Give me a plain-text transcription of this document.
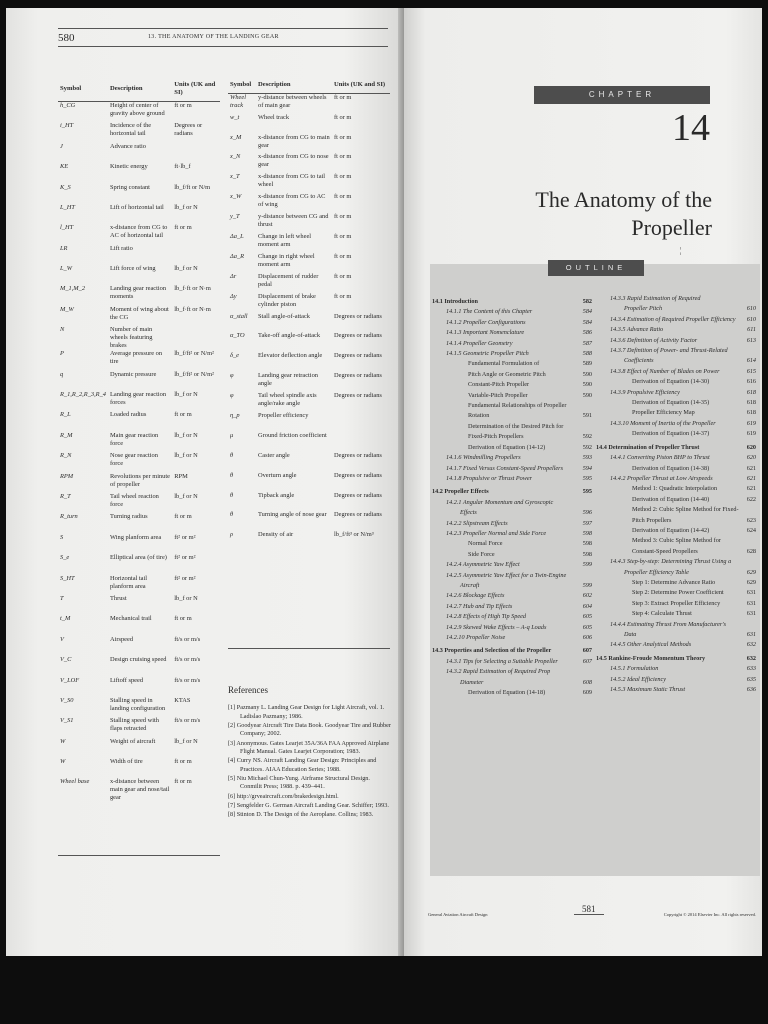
580	13. THE ANATOMY OF THE LANDING GEAR
Symbol	Description	Units (UK and SI)
h_CG	Height of center of gravity above ground	ft or m
i_HT	Incidence of the horizontal tail	Degrees or radians
J	Advance ratio	
KE	Kinetic energy	ft·lb_f
K_S	Spring constant	lb_f/ft or N/m
L_HT	Lift of horizontal tail	lb_f or N
l_HT	x-distance from CG to AC of horizontal tail	ft or m
LR	Lift ratio	
L_W	Lift force of wing	lb_f or N
M_1,M_2	Landing gear reaction moments	lb_f·ft or N·m
M_W	Moment of wing about the CG	lb_f·ft or N·m
N	Number of main wheels featuring brakes	
P	Average pressure on tire	lb_f/ft² or N/m²
q	Dynamic pressure	lb_f/ft² or N/m²
R_1,R_2,R_3,R_4	Landing gear reaction forces	lb_f or N
R_L	Loaded radius	ft or m
R_M	Main gear reaction force	lb_f or N
R_N	Nose gear reaction force	lb_f or N
RPM	Revolutions per minute of propeller	RPM
R_T	Tail wheel reaction force	lb_f or N
R_turn	Turning radius	ft or m
S	Wing planform area	ft² or m²
S_e	Elliptical area (of tire)	ft² or m²
S_HT	Horizontal tail planform area	ft² or m²
T	Thrust	lb_f or N
t_M	Mechanical trail	ft or m
V	Airspeed	ft/s or m/s
V_C	Design cruising speed	ft/s or m/s
V_LOF	Liftoff speed	ft/s or m/s
V_S0	Stalling speed in landing configuration	KTAS
V_S1	Stalling speed with flaps retracted	ft/s or m/s
W	Weight of aircraft	lb_f or N
W	Width of tire	ft or m
Wheel base	x-distance between main gear and nose/tail gear	ft or m
Symbol	Description	Units (UK and SI)
Wheel track	y-distance between wheels of main gear	ft or m
w_t	Wheel track	ft or m
x_M	x-distance from CG to main gear	ft or m
x_N	x-distance from CG to nose gear	ft or m
x_T	x-distance from CG to tail wheel	ft or m
x_W	x-distance from CG to AC of wing	ft or m
y_T	y-distance between CG and thrust	ft or m
Δa_L	Change in left wheel moment arm	ft or m
Δa_R	Change in right wheel moment arm	ft or m
Δr	Displacement of rudder pedal	ft or m
Δy	Displacement of brake cylinder piston	ft or m
α_stall	Stall angle-of-attack	Degrees or radians
α_TO	Take-off angle-of-attack	Degrees or radians
δ_e	Elevator deflection angle	Degrees or radians
φ	Landing gear retraction angle	Degrees or radians
φ	Tail wheel spindle axis angle/rake angle	Degrees or radians
η_p	Propeller efficiency	
μ	Ground friction coefficient	
θ	Caster angle	Degrees or radians
θ	Overturn angle	Degrees or radians
θ	Tipback angle	Degrees or radians
θ	Turning angle of nose gear	Degrees or radians
ρ	Density of air	lb_f/ft³ or N/m³
References
[1] Pazmany L. Landing Gear Design for Light Aircraft, vol. 1. Ladislao Pazmany; 1986.
[2] Goodyear Aircraft Tire Data Book. Goodyear Tire and Rubber Company; 2002.
[3] Anonymous. Gates Learjet 35A/36A FAA Approved Airplane Flight Manual. Gates Learjet Corporation; 1983.
[4] Curry NS. Aircraft Landing Gear Design: Principles and Practices. AIAA Education Series; 1988.
[5] Niu Michael Chun-Yung. Airframe Structural Design. Conmilit Press; 1988. p. 439–441.
[6] http://grveaircraft.com/brakedesign.html.
[7] Sengfelder G. German Aircraft Landing Gear. Schiffer; 1993.
[8] Stinton D. The Design of the Aeroplane. Collins; 1983.
CHAPTER
14
The Anatomy of the Propeller
¦
OUTLINE
14.1 Introduction	582
14.1.1 The Content of this Chapter	584
14.1.2 Propeller Configurations	584
14.1.3 Important Nomenclature	586
14.1.4 Propeller Geometry	587
14.1.5 Geometric Propeller Pitch	588
Fundamental Formulation of	589
Pitch Angle or Geometric Pitch	590
Constant-Pitch Propeller	590
Variable-Pitch Propeller	590
Fundamental Relationships of Propeller
Rotation	591
Determination of the Desired Pitch for
Fixed-Pitch Propellers	592
Derivation of Equation (14-12)	592
14.1.6 Windmilling Propellers	593
14.1.7 Fixed Versus Constant-Speed Propellers	594
14.1.8 Propulsive or Thrust Power	595
14.2 Propeller Effects	595
14.2.1 Angular Momentum and Gyroscopic
Effects	596
14.2.2 Slipstream Effects	597
14.2.3 Propeller Normal and Side Force	598
Normal Force	598
Side Force	598
14.2.4 Asymmetric Yaw Effect	599
14.2.5 Asymmetric Yaw Effect for a Twin-Engine
Aircraft	599
14.2.6 Blockage Effects	602
14.2.7 Hub and Tip Effects	604
14.2.8 Effects of High Tip Speed	605
14.2.9 Skewed Wake Effects – A-q Loads	605
14.2.10 Propeller Noise	606
14.3 Properties and Selection of the Propeller	607
14.3.1 Tips for Selecting a Suitable Propeller	607
14.3.2 Rapid Estimation of Required Prop
Diameter	608
Derivation of Equation (14-18)	609
14.3.3 Rapid Estimation of Required
Propeller Pitch	610
14.3.4 Estimation of Required Propeller Efficiency 610
14.3.5 Advance Ratio	611
14.3.6 Definition of Activity Factor	613
14.3.7 Definition of Power- and Thrust-Related
Coefficients	614
14.3.8 Effect of Number of Blades on Power	615
Derivation of Equation (14-30)	616
14.3.9 Propulsive Efficiency	618
Derivation of Equation (14-35)	618
Propeller Efficiency Map	618
14.3.10 Moment of Inertia of the Propeller	619
Derivation of Equation (14-37)	619
14.4 Determination of Propeller Thrust	620
14.4.1 Converting Piston BHP to Thrust	620
Derivation of Equation (14-38)	621
14.4.2 Propeller Thrust at Low Airspeeds	621
Method 1: Quadratic Interpolation	621
Derivation of Equation (14-40)	622
Method 2: Cubic Spline Method for Fixed-
Pitch Propellers	623
Derivation of Equation (14-42)	624
Method 3: Cubic Spline Method for
Constant-Speed Propellers	628
14.4.3 Step-by-step: Determining Thrust Using a
Propeller Efficiency Table	629
Step 1: Determine Advance Ratio	629
Step 2: Determine Power Coefficient	631
Step 3: Extract Propeller Efficiency	631
Step 4: Calculate Thrust	631
14.4.4 Estimating Thrust From Manufacturer's
Data	631
14.4.5 Other Analytical Methods	632
14.5 Rankine-Froude Momentum Theory	632
14.5.1 Formulation	633
14.5.2 Ideal Efficiency	635
14.5.3 Maximum Static Thrust	636
General Aviation Aircraft Design
581
Copyright © 2014 Elsevier Inc. All rights reserved.
